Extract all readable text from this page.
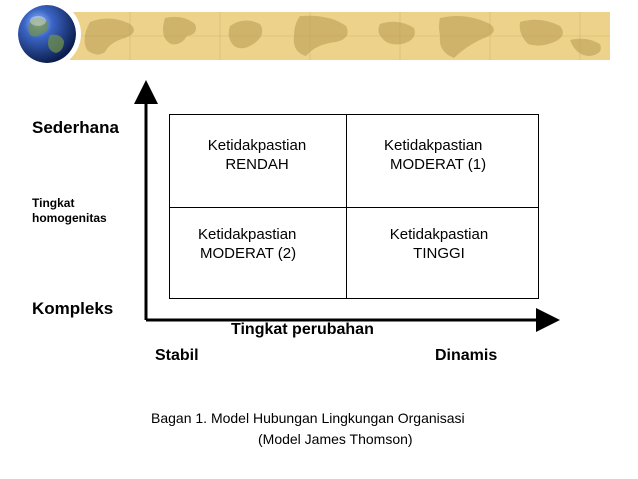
Sederhana
Tingkat
homogenitas
Kompleks
Ketidakpastian
RENDAH
Ketidakpastian
MODERAT (1)
Ketidakpastian
MODERAT (2)
Ketidakpastian
TINGGI
Tingkat perubahan
Stabil	Dinamis
Bagan 1. Model Hubungan Lingkungan Organisasi
(Model James Thomson)
